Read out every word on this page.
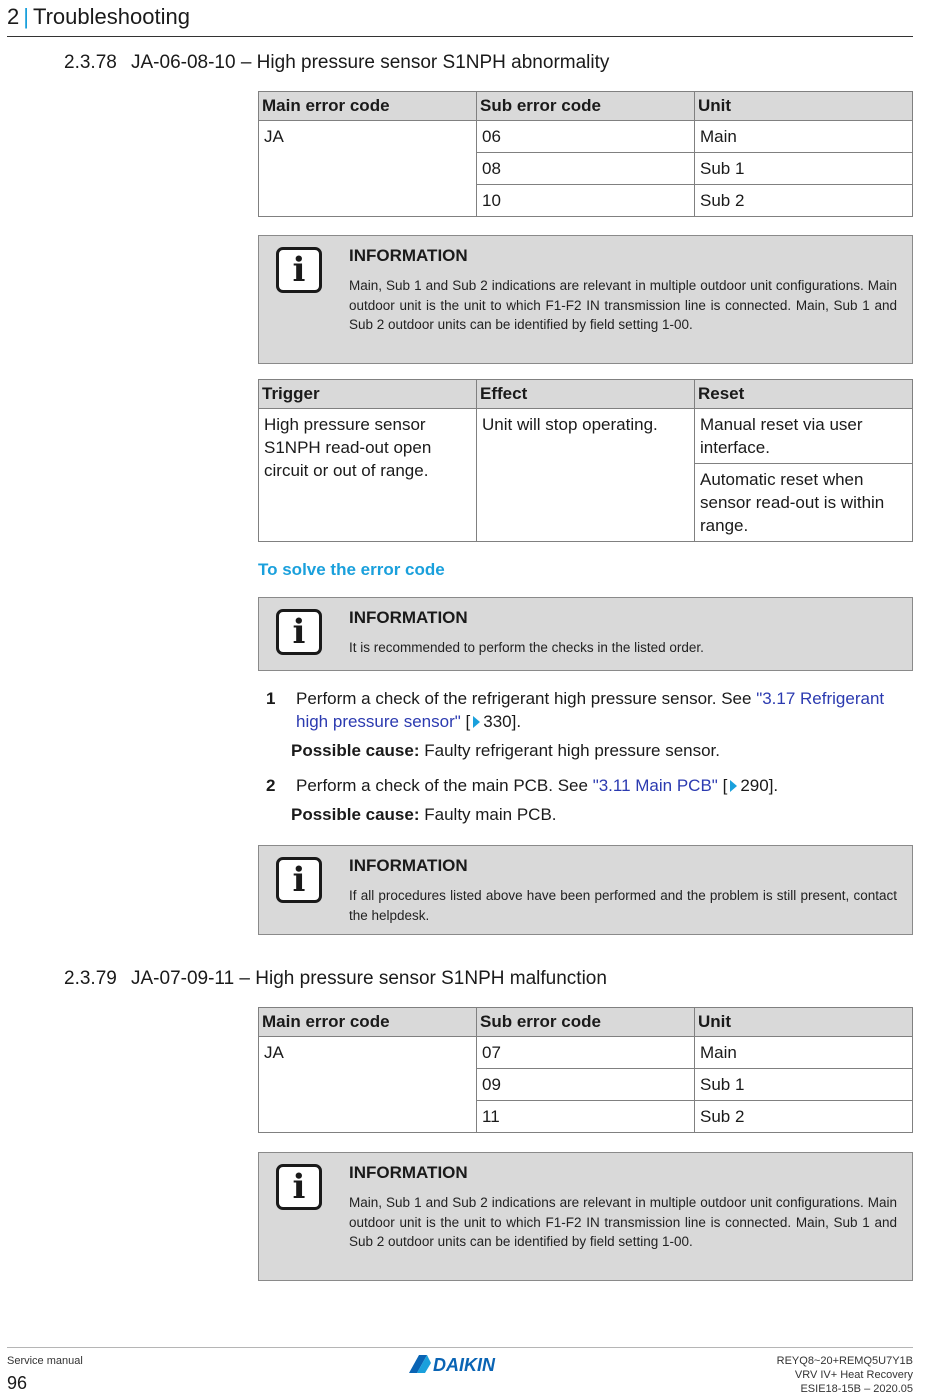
2 | Troubleshooting
2.3.78 JA-06-08-10 – High pressure sensor S1NPH abnormality
Main error code	Sub error code	Unit
JA	06	Main
	08	Sub 1
	10	Sub 2
i	INFORMATION
Main, Sub 1 and Sub 2 indications are relevant in multiple outdoor unit configurations. Main outdoor unit is the unit to which F1-F2 IN transmission line is connected. Main, Sub 1 and Sub 2 outdoor units can be identified by field setting 1-00.
Trigger	Effect	Reset
High pressure sensor S1NPH read-out open circuit or out of range.	Unit will stop operating.	Manual reset via user interface.
		Automatic reset when sensor read-out is within range.
To solve the error code
i	INFORMATION
It is recommended to perform the checks in the listed order.
1 Perform a check of the refrigerant high pressure sensor. See "3.17 Refrigerant high pressure sensor" [ 330].
Possible cause: Faulty refrigerant high pressure sensor.
2 Perform a check of the main PCB. See "3.11 Main PCB" [ 290].
Possible cause: Faulty main PCB.
i	INFORMATION
If all procedures listed above have been performed and the problem is still present, contact the helpdesk.
2.3.79 JA-07-09-11 – High pressure sensor S1NPH malfunction
Main error code	Sub error code	Unit
JA	07	Main
	09	Sub 1
	11	Sub 2
i	INFORMATION
Main, Sub 1 and Sub 2 indications are relevant in multiple outdoor unit configurations. Main outdoor unit is the unit to which F1-F2 IN transmission line is connected. Main, Sub 1 and Sub 2 outdoor units can be identified by field setting 1-00.
Service manual
96
DAIKIN	REYQ8~20+REMQ5U7Y1B
VRV IV+ Heat Recovery
ESIE18-15B – 2020.05
